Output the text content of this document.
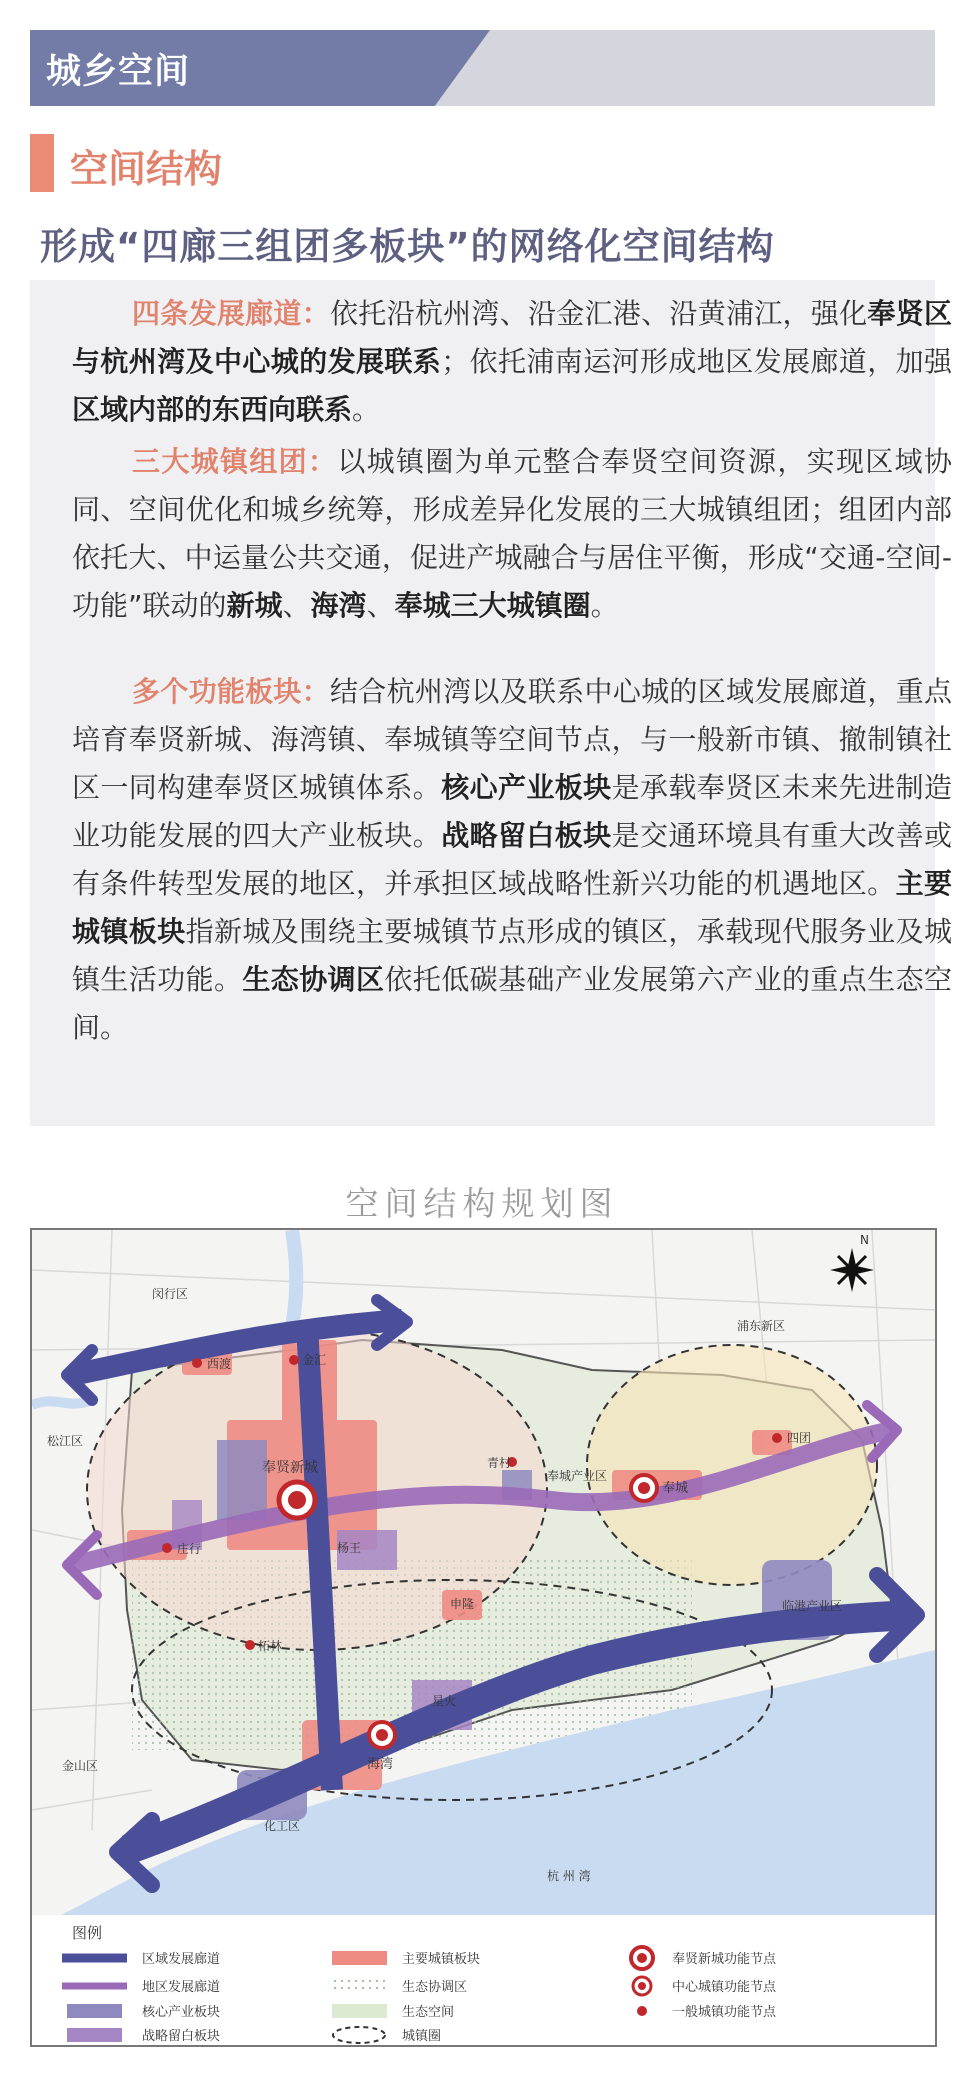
城乡空间
空间结构
形成“四廊三组团多板块”的网络化空间结构

四条发展廊道：依托沿杭州湾、沿金汇港、沿黄浦江，强化奉贤区与杭州湾及中心城的发展联系；依托浦南运河形成地区发展廊道，加强区域内部的东西向联系。

三大城镇组团：以城镇圈为单元整合奉贤空间资源，实现区域协同、空间优化和城乡统筹，形成差异化发展的三大城镇组团；组团内部依托大、中运量公共交通，促进产城融合与居住平衡，形成“交通-空间-功能”联动的新城、海湾、奉城三大城镇圈。

多个功能板块：结合杭州湾以及联系中心城的区域发展廊道，重点培育奉贤新城、海湾镇、奉城镇等空间节点，与一般新市镇、撤制镇社区一同构建奉贤区城镇体系。核心产业板块是承载奉贤区未来先进制造业功能发展的四大产业板块。战略留白板块是交通环境具有重大改善或有条件转型发展的地区，并承担区域战略性新兴功能的机遇地区。主要城镇板块指新城及围绕主要城镇节点形成的镇区，承载现代服务业及城镇生活功能。生态协调区依托低碳基础产业发展第六产业的重点生态空间。

空间结构规划图
N
闵行区
浦东新区
松江区
金山区
杭 州 湾
西渡	金汇
奉贤新城	青村
奉城产业区
奉城
四团
庄行	杨王
申隆
柘林
星火
海湾
临港产业区
化工区
图例
区域发展廊道
地区发展廊道
核心产业板块
战略留白板块
主要城镇板块
生态协调区
生态空间
城镇圈
奉贤新城功能节点
中心城镇功能节点
一般城镇功能节点
